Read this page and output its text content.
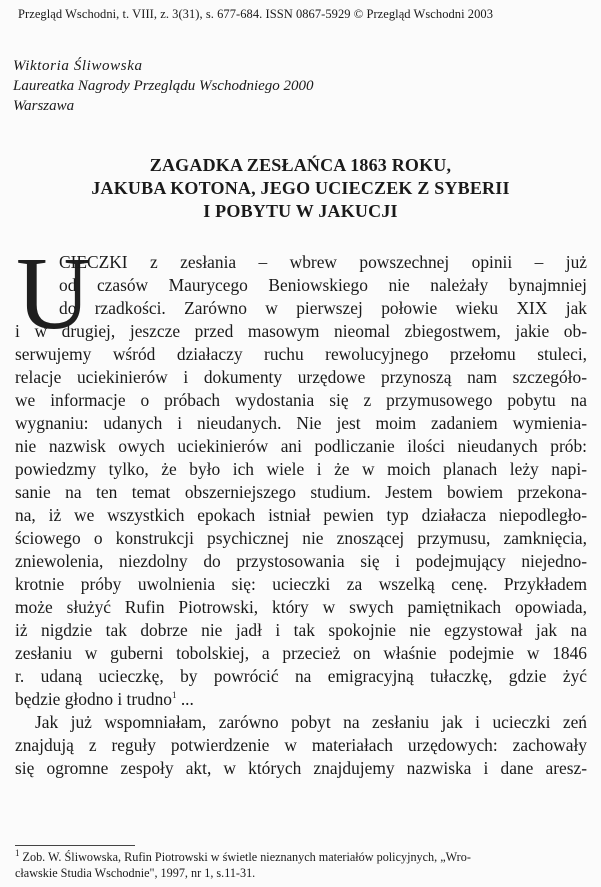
Przegląd Wschodni, t. VIII, z. 3(31), s. 677-684. ISSN 0867-5929 © Przegląd Wschodni 2003
Wiktoria Śliwowska
Laureatka Nagrody Przeglądu Wschodniego 2000
Warszawa
ZAGADKA ZESŁAŃCA 1863 ROKU,
JAKUBA KOTONA, JEGO UCIECZEK Z SYBERII
I POBYTU W JAKUCJI
U
CIECZKI z zesłania – wbrew powszechnej opinii – już
od czasów Maurycego Beniowskiego nie należały bynajmniej
do rzadkości. Zarówno w pierwszej połowie wieku XIX jak
i w drugiej, jeszcze przed masowym nieomal zbiegostwem, jakie ob-
serwujemy wśród działaczy ruchu rewolucyjnego przełomu stuleci,
relacje uciekinierów i dokumenty urzędowe przynoszą nam szczegóło-
we informacje o próbach wydostania się z przymusowego pobytu na
wygnaniu: udanych i nieudanych. Nie jest moim zadaniem wymienia-
nie nazwisk owych uciekinierów ani podliczanie ilości nieudanych prób:
powiedzmy tylko, że było ich wiele i że w moich planach leży napi-
sanie na ten temat obszerniejszego studium. Jestem bowiem przekona-
na, iż we wszystkich epokach istniał pewien typ działacza niepodległo-
ściowego o konstrukcji psychicznej nie znoszącej przymusu, zamknięcia,
zniewolenia, niezdolny do przystosowania się i podejmujący niejedno-
krotnie próby uwolnienia się: ucieczki za wszelką cenę. Przykładem
może służyć Rufin Piotrowski, który w swych pamiętnikach opowiada,
iż nigdzie tak dobrze nie jadł i tak spokojnie nie egzystował jak na
zesłaniu w guberni tobolskiej, a przecież on właśnie podejmie w 1846
r. udaną ucieczkę, by powrócić na emigracyjną tułaczkę, gdzie żyć
będzie głodno i trudno$^1$ ...
Jak już wspomniałam, zarówno pobyt na zesłaniu jak i ucieczki zeń
znajdują z reguły potwierdzenie w materiałach urzędowych: zachowały
się ogromne zespoły akt, w których znajdujemy nazwiska i dane aresz-
$^1$ Zob. W. Śliwowska, Rufin Piotrowski w świetle nieznanych materiałów policyjnych, „Wro-
cławskie Studia Wschodnie", 1997, nr 1, s.11-31.
